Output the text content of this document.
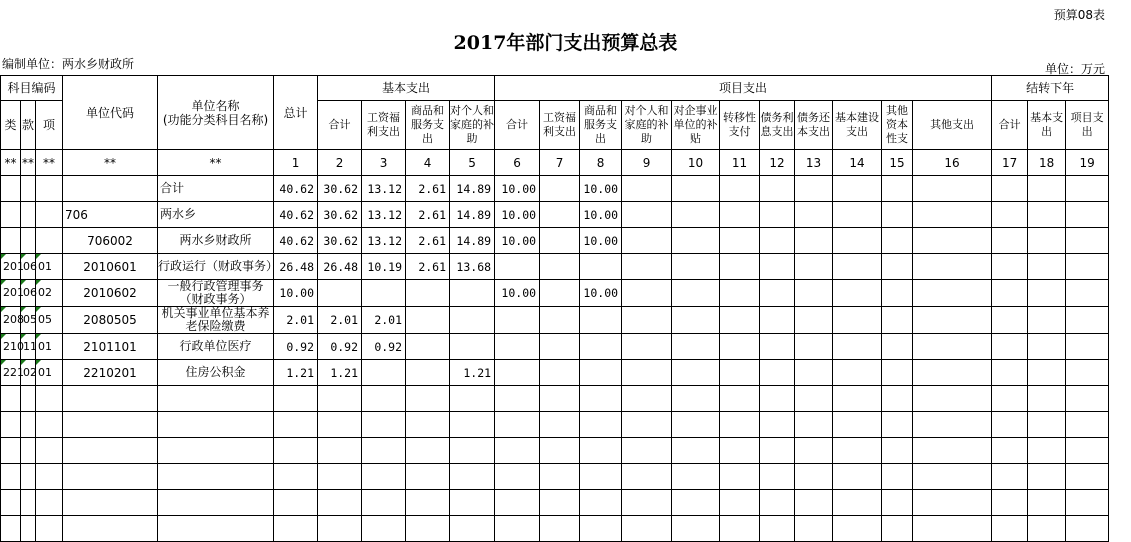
预算08表
2017年部门支出预算总表
编制单位：两水乡财政所	单位：万元
科目编码			单位代码	单位名称
(功能分类科目名称)	总计	基本支出				项目支出											结转下年		
类	款	项				合计	工资福利支出	商品和服务支出	对个人和家庭的补助	合计	工资福利支出	商品和服务支出	对个人和家庭的补助	对企事业单位的补贴	转移性支付	债务利息支出	债务还本支出	基本建设支出	其他资本性支	其他支出	合计	基本支出	项目支出
**	**	**	**	**	1	2	3	4	5	6	7	8	9	10	11	12	13	14	15	16	17	18	19
				合计	40.62	30.62	13.12	2.61	14.89	10.00		10.00											
			706	两水乡	40.62	30.62	13.12	2.61	14.89	10.00		10.00											
			706002	两水乡财政所	40.62	30.62	13.12	2.61	14.89	10.00		10.00											
201	06	01	2010601	行政运行（财政事务）	26.48	26.48	10.19	2.61	13.68														
201	06	02	2010602	一般行政管理事务（财政事务）	10.00					10.00		10.00											
208	05	05	2080505	机关事业单位基本养老保险缴费	2.01	2.01	2.01																
210	11	01	2101101	行政单位医疗	0.92	0.92	0.92																
221	02	01	2210201	住房公积金	1.21	1.21			1.21														
